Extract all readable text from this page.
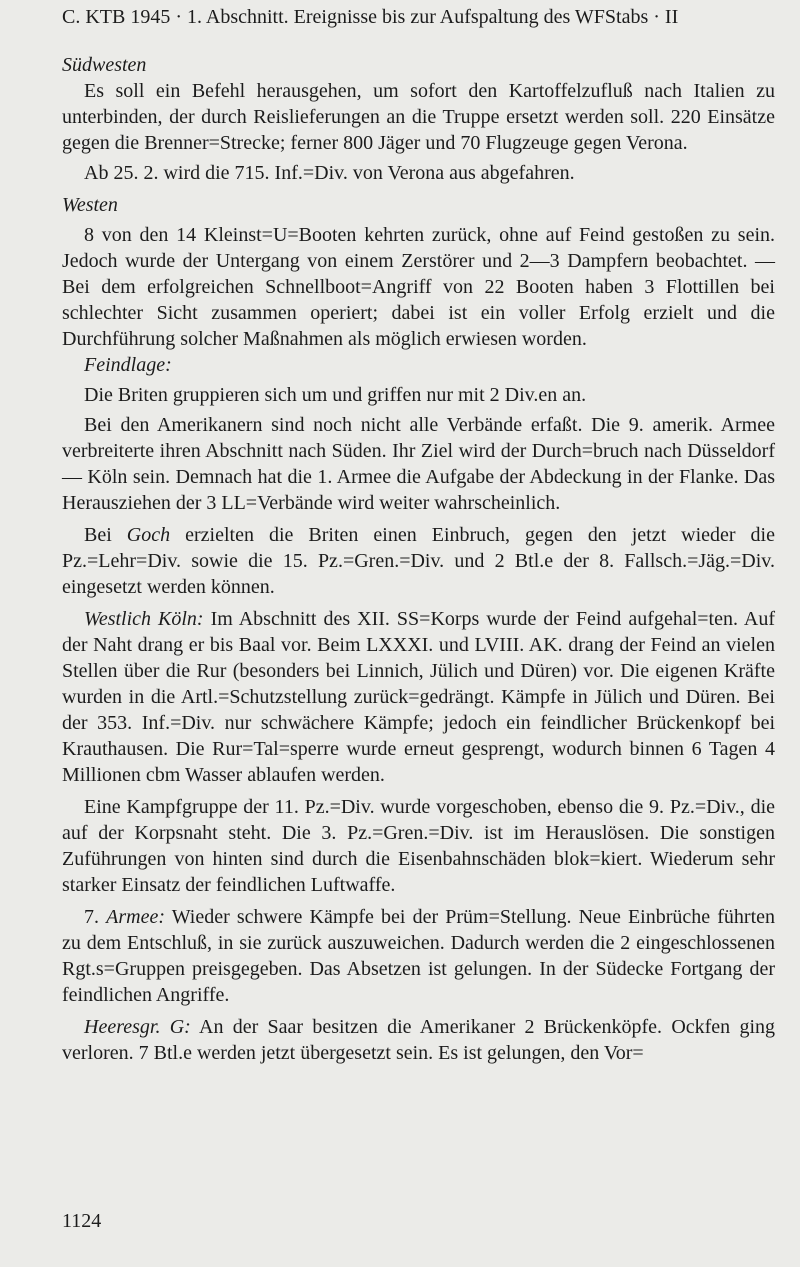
C. KTB 1945 · 1. Abschnitt. Ereignisse bis zur Aufspaltung des WFStabs · II
Südwesten

Es soll ein Befehl herausgehen, um sofort den Kartoffelzufluß nach Italien zu unterbinden, der durch Reislieferungen an die Truppe ersetzt werden soll. 220 Einsätze gegen die Brenner=Strecke; ferner 800 Jäger und 70 Flugzeuge gegen Verona.

Ab 25. 2. wird die 715. Inf.=Div. von Verona aus abgefahren.

Westen

8 von den 14 Kleinst=U=Booten kehrten zurück, ohne auf Feind gestoßen zu sein. Jedoch wurde der Untergang von einem Zerstörer und 2—3 Dampfern beobachtet. — Bei dem erfolgreichen Schnellboot=Angriff von 22 Booten haben 3 Flottillen bei schlechter Sicht zusammen operiert; dabei ist ein voller Erfolg erzielt und die Durchführung solcher Maßnahmen als möglich erwiesen worden.

Feindlage:

Die Briten gruppieren sich um und griffen nur mit 2 Div.en an.

Bei den Amerikanern sind noch nicht alle Verbände erfaßt. Die 9. amerik. Armee verbreiterte ihren Abschnitt nach Süden. Ihr Ziel wird der Durch=bruch nach Düsseldorf — Köln sein. Demnach hat die 1. Armee die Aufgabe der Abdeckung in der Flanke. Das Herausziehen der 3 LL=Verbände wird weiter wahrscheinlich.

Bei Goch erzielten die Briten einen Einbruch, gegen den jetzt wieder die Pz.=Lehr=Div. sowie die 15. Pz.=Gren.=Div. und 2 Btl.e der 8. Fallsch.=Jäg.=Div. eingesetzt werden können.

Westlich Köln: Im Abschnitt des XII. SS=Korps wurde der Feind aufgehal=ten. Auf der Naht drang er bis Baal vor. Beim LXXXI. und LVIII. AK. drang der Feind an vielen Stellen über die Rur (besonders bei Linnich, Jülich und Düren) vor. Die eigenen Kräfte wurden in die Artl.=Schutzstellung zurück=gedrängt. Kämpfe in Jülich und Düren. Bei der 353. Inf.=Div. nur schwächere Kämpfe; jedoch ein feindlicher Brückenkopf bei Krauthausen. Die Rur=Tal=sperre wurde erneut gesprengt, wodurch binnen 6 Tagen 4 Millionen cbm Wasser ablaufen werden.

Eine Kampfgruppe der 11. Pz.=Div. wurde vorgeschoben, ebenso die 9. Pz.=Div., die auf der Korpsnaht steht. Die 3. Pz.=Gren.=Div. ist im Herauslösen. Die sonstigen Zuführungen von hinten sind durch die Eisenbahnschäden blok=kiert. Wiederum sehr starker Einsatz der feindlichen Luftwaffe.

7. Armee: Wieder schwere Kämpfe bei der Prüm=Stellung. Neue Einbrüche führten zu dem Entschluß, in sie zurück auszuweichen. Dadurch werden die 2 eingeschlossenen Rgt.s=Gruppen preisgegeben. Das Absetzen ist gelungen. In der Südecke Fortgang der feindlichen Angriffe.

Heeresgr. G: An der Saar besitzen die Amerikaner 2 Brückenköpfe. Ockfen ging verloren. 7 Btl.e werden jetzt übergesetzt sein. Es ist gelungen, den Vor=

1124
